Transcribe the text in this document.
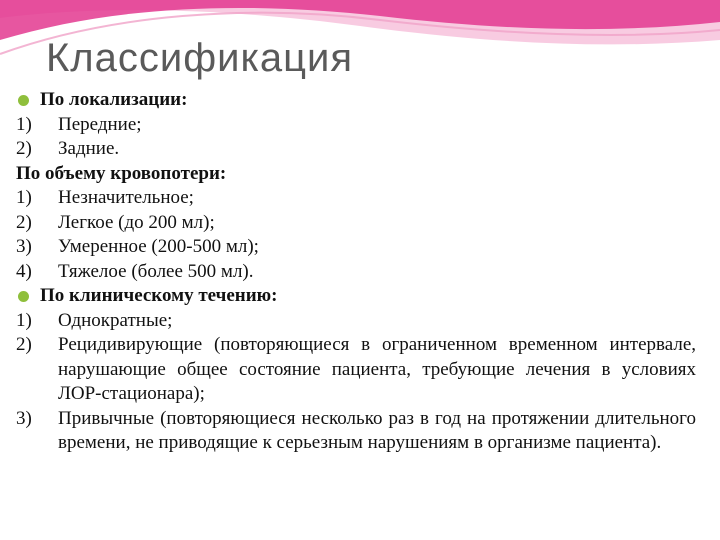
Классификация
По локализации:
1) Передние;
2) Задние.
По объему кровопотери:
1) Незначительное;
2) Легкое (до 200 мл);
3) Умеренное (200-500 мл);
4) Тяжелое (более 500 мл).
По клиническому течению:
1) Однократные;
2) Рецидивирующие (повторяющиеся в ограниченном временном интервале, нарушающие общее состояние пациента, требующие лечения в условиях ЛОР-стационара);
3) Привычные (повторяющиеся несколько раз в год на протяжении длительного времени, не приводящие к серьезным нарушениям в организме пациента).
